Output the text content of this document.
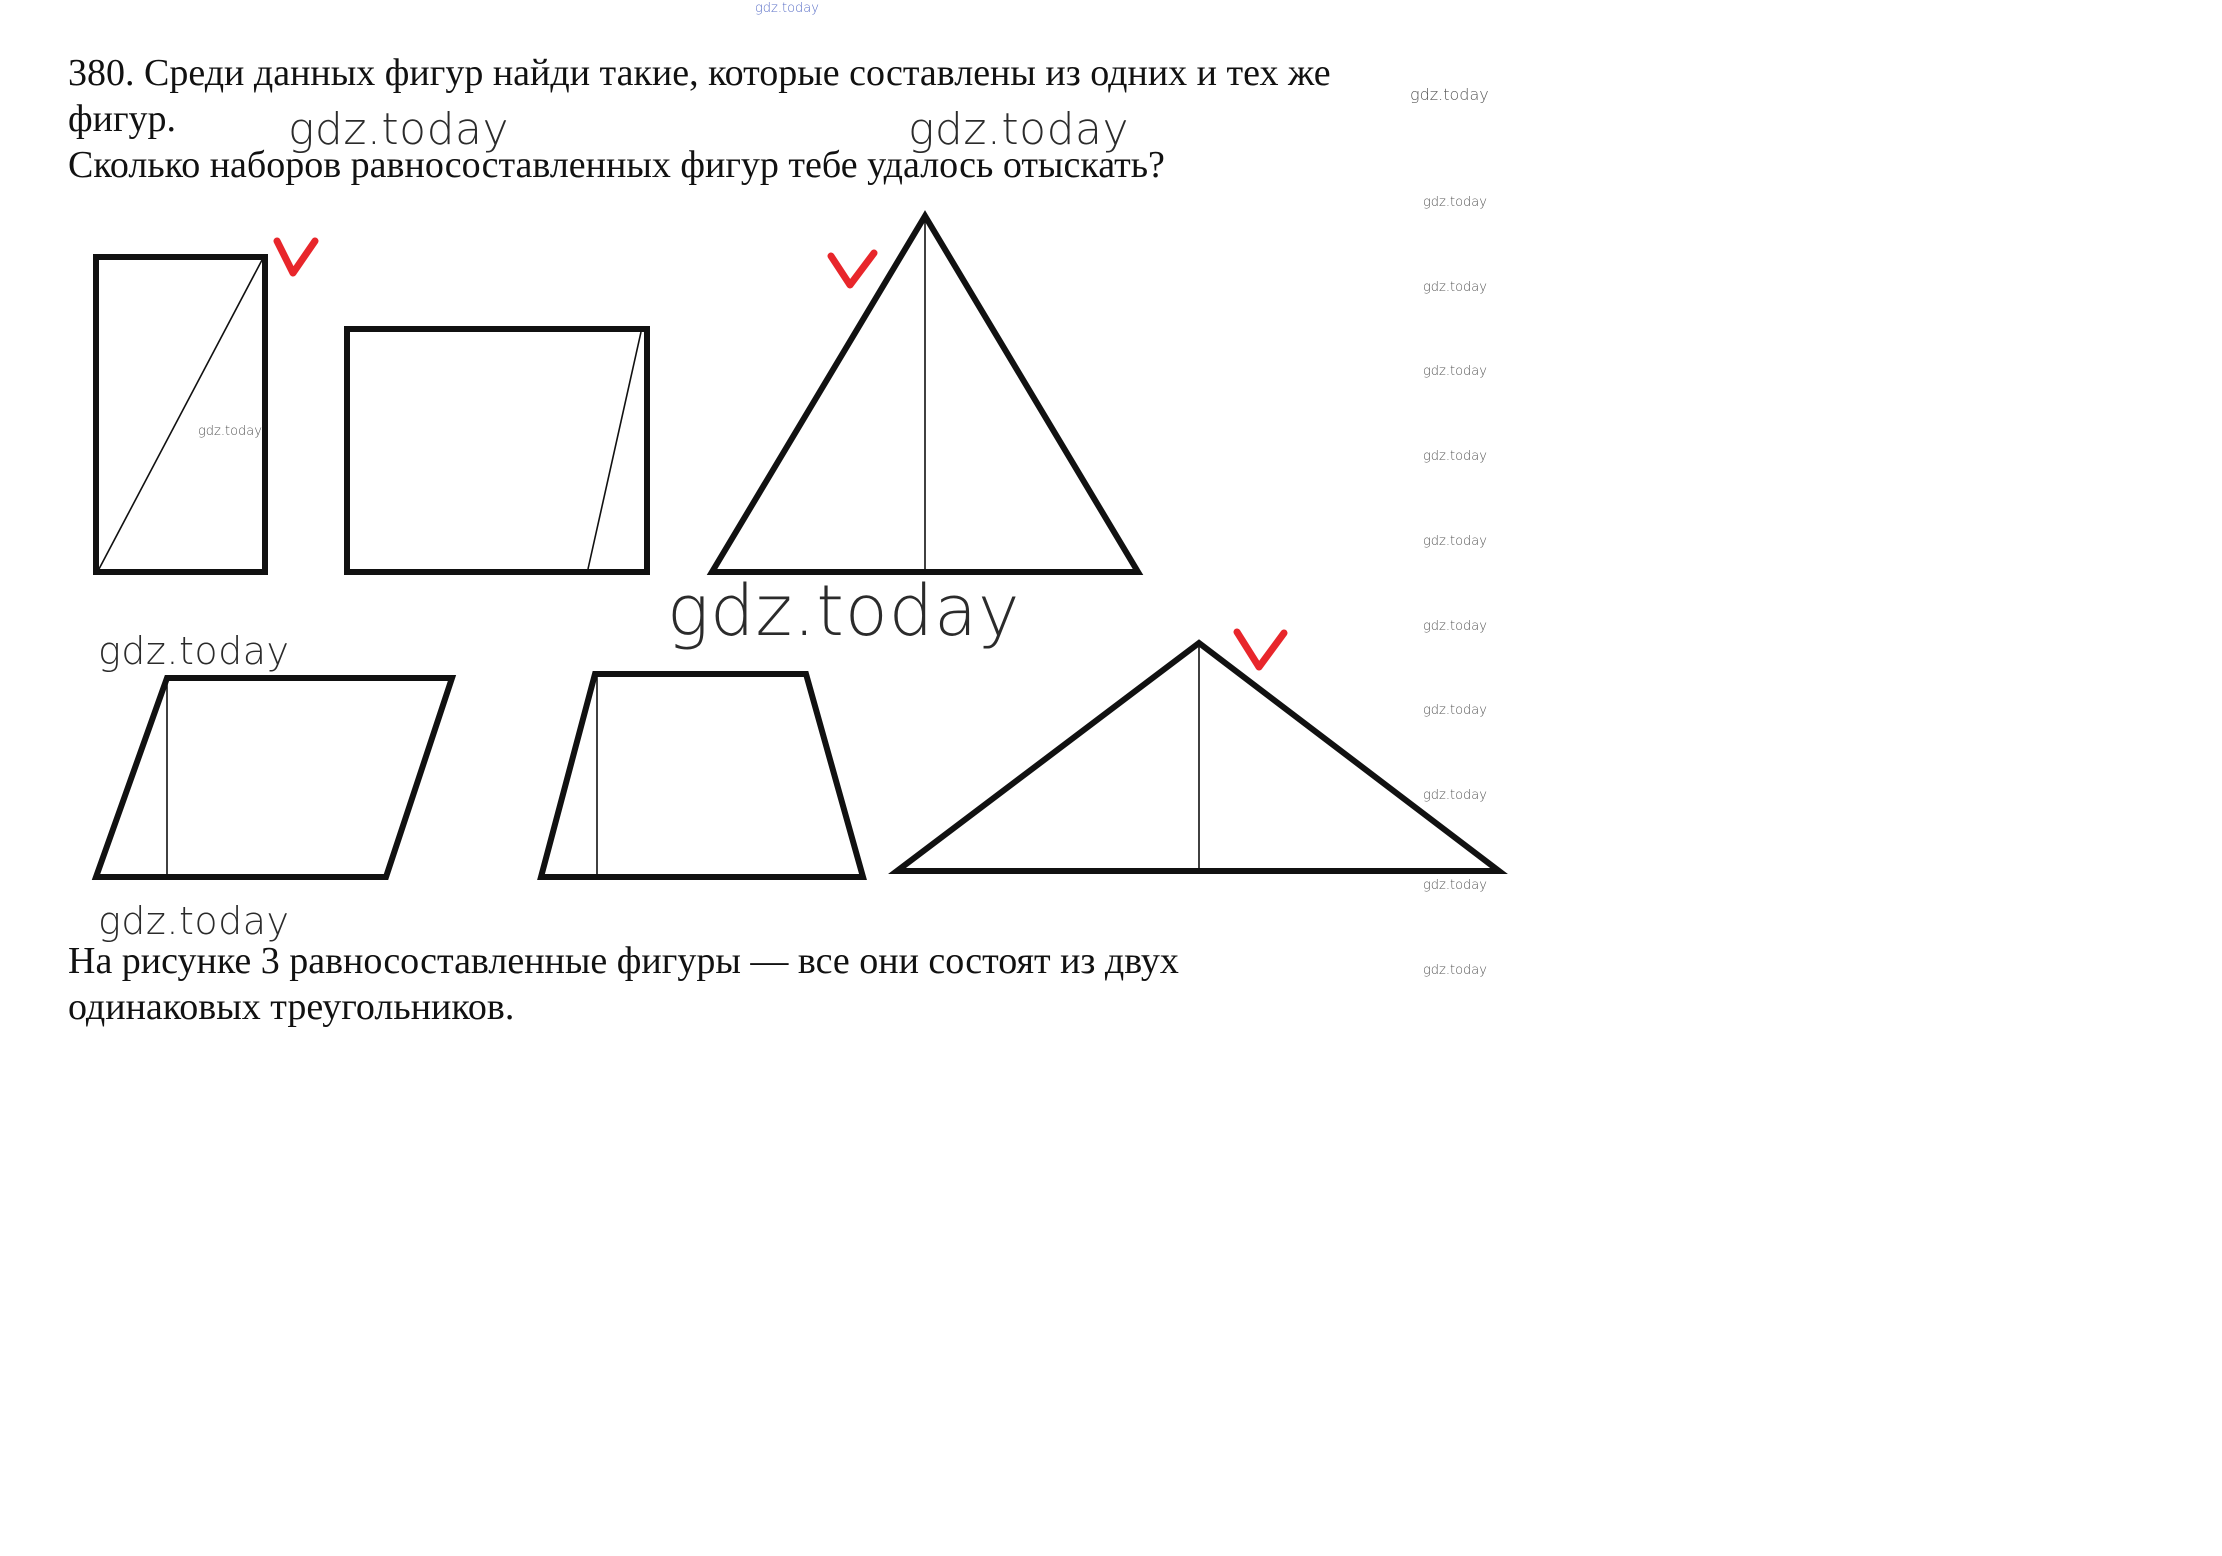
380. Среди данных фигур найди такие, которые составлены из одних и тех же

фигур.

Сколько наборов равносоставленных фигур тебе удалось отыскать?

На рисунке 3 равносоставленные фигуры — все они состоят из двух

одинаковых треугольников.

gdz.today
gdz.today
gdz.today	gdz.today
gdz.today
gdz.today
gdz.today
gdz.today
gdz.today
gdz.today
gdz.today	gdz.today
gdz.today
gdz.today
gdz.today
gdz.today
gdz.today
gdz.today
